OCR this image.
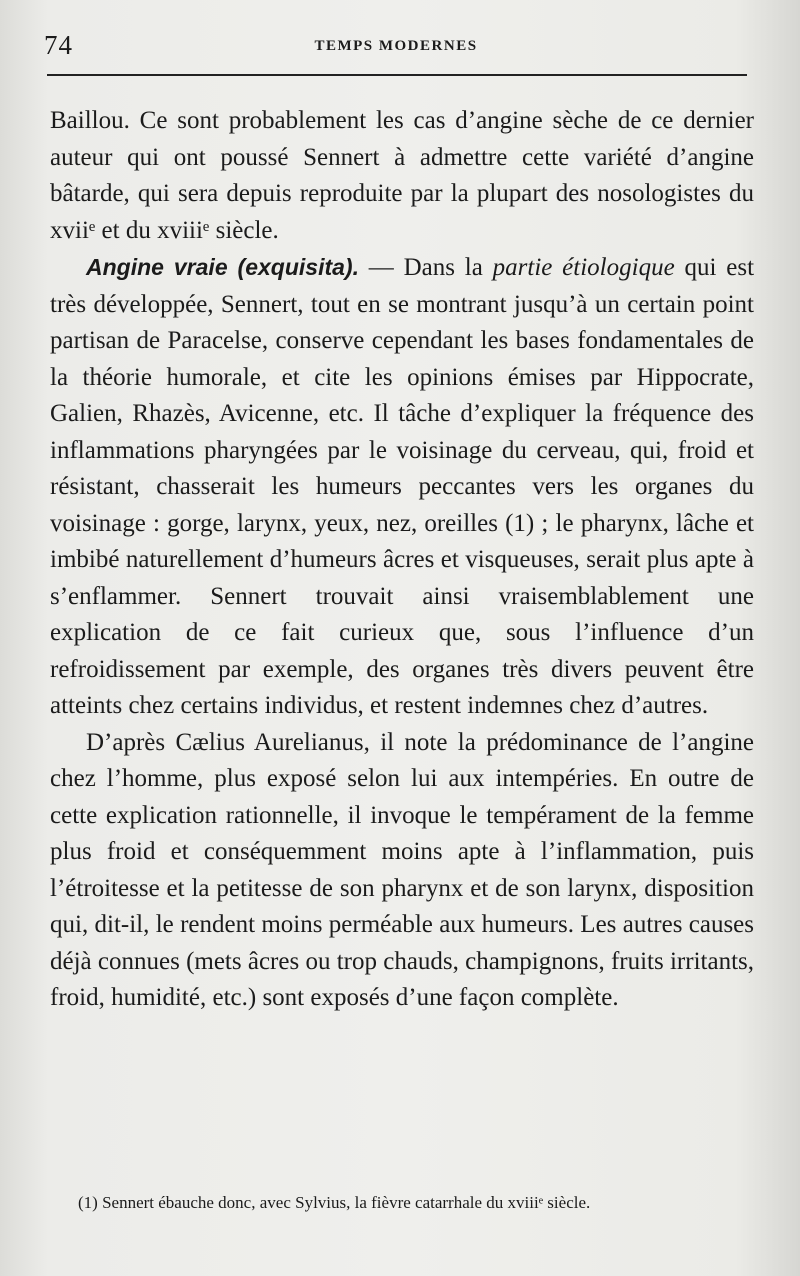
74	TEMPS MODERNES

Baillou. Ce sont probablement les cas d’angine sèche de ce dernier auteur qui ont poussé Sennert à admettre cette variété d’angine bâtarde, qui sera depuis reproduite par la plupart des nosologistes du xviiᵉ et du xviiiᵉ siècle.

Angine vraie (exquisita). — Dans la partie étiologique qui est très développée, Sennert, tout en se montrant jusqu’à un certain point partisan de Paracelse, conserve cependant les bases fondamentales de la théorie humorale, et cite les opinions émises par Hippocrate, Galien, Rhazès, Avicenne, etc. Il tâche d’expliquer la fréquence des inflammations pharyngées par le voisinage du cerveau, qui, froid et résistant, chasserait les humeurs peccantes vers les organes du voisinage : gorge, larynx, yeux, nez, oreilles (1) ; le pharynx, lâche et imbibé naturellement d’humeurs âcres et visqueuses, serait plus apte à s’enflammer. Sennert trouvait ainsi vraisemblablement une explication de ce fait curieux que, sous l’influence d’un refroidissement par exemple, des organes très divers peuvent être atteints chez certains individus, et restent indemnes chez d’autres.

D’après Cælius Aurelianus, il note la prédominance de l’angine chez l’homme, plus exposé selon lui aux intempéries. En outre de cette explication rationnelle, il invoque le tempérament de la femme plus froid et conséquemment moins apte à l’inflammation, puis l’étroitesse et la petitesse de son pharynx et de son larynx, disposition qui, dit-il, le rendent moins perméable aux humeurs. Les autres causes déjà connues (mets âcres ou trop chauds, champignons, fruits irritants, froid, humidité, etc.) sont exposés d’une façon complète.

(1) Sennert ébauche donc, avec Sylvius, la fièvre catarrhale du xviiiᵉ siècle.
